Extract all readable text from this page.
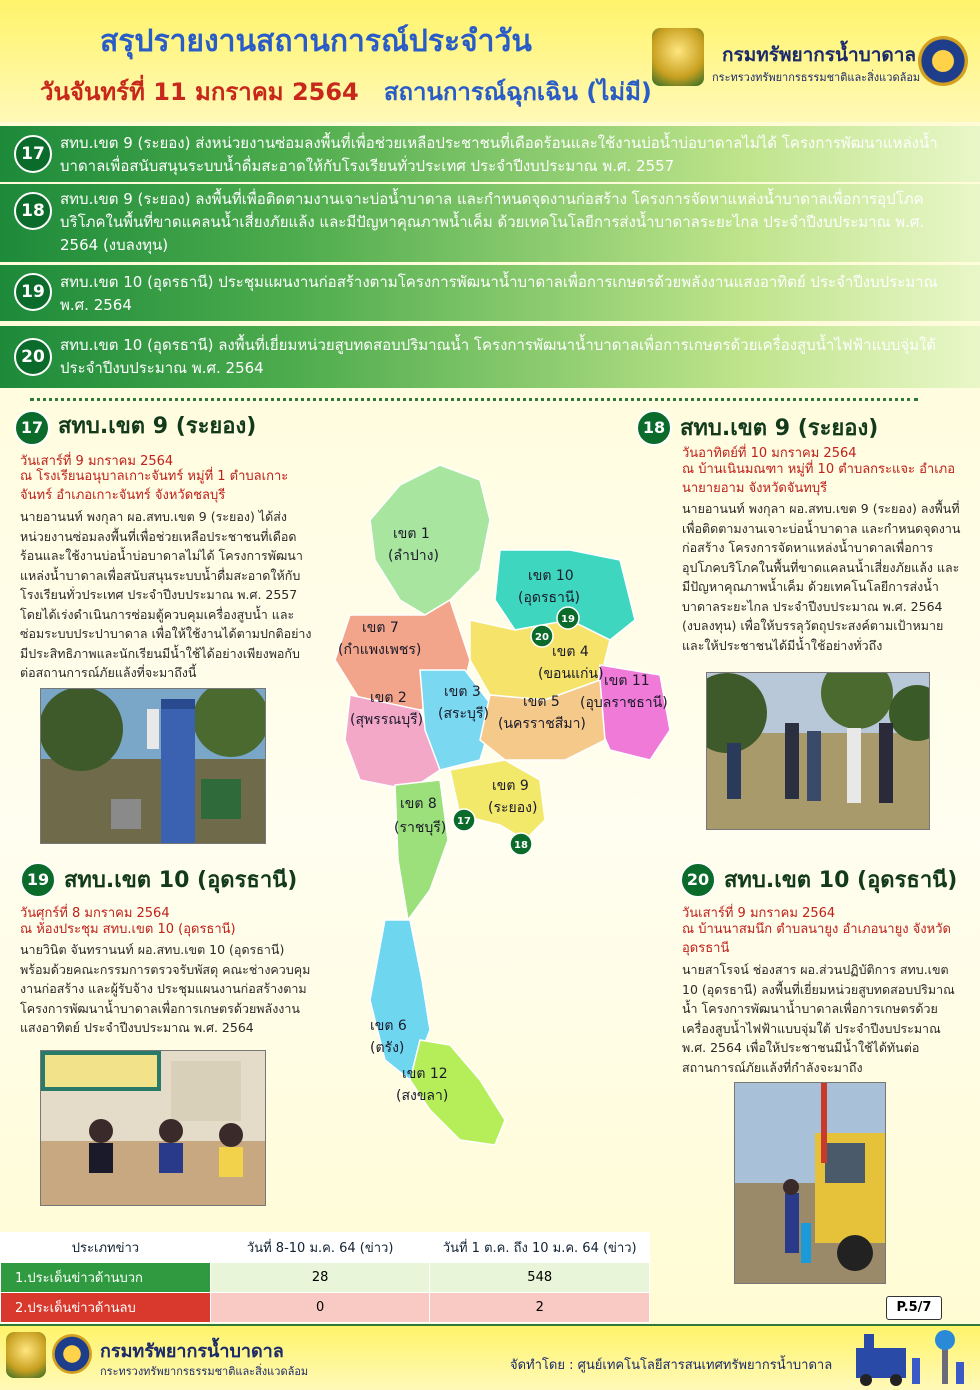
สรุปรายงานสถานการณ์ประจำวัน
วันจันทร์ที่ 11 มกราคม 2564 สถานการณ์ฉุกเฉิน (ไม่มี)
กรมทรัพยากรน้ำบาดาล
กระทรวงทรัพยากรธรรมชาติและสิ่งแวดล้อม
17
สทบ.เขต 9 (ระยอง) ส่งหน่วยงานซ่อมลงพื้นที่เพื่อช่วยเหลือประชาชนที่เดือดร้อนและใช้งานบ่อน้ำบ่อบาดาลไม่ได้ โครงการพัฒนาแหล่งน้ำบาดาลเพื่อสนับสนุนระบบน้ำดื่มสะอาดให้กับโรงเรียนทั่วประเทศ ประจำปีงบประมาณ พ.ศ. 2557
18
สทบ.เขต 9 (ระยอง) ลงพื้นที่เพื่อติดตามงานเจาะบ่อน้ำบาดาล และกำหนดจุดงานก่อสร้าง โครงการจัดหาแหล่งน้ำบาดาลเพื่อการอุปโภคบริโภคในพื้นที่ขาดแคลนน้ำเสี่ยงภัยแล้ง และมีปัญหาคุณภาพน้ำเค็ม ด้วยเทคโนโลยีการส่งน้ำบาดาลระยะไกล ประจำปีงบประมาณ พ.ศ. 2564 (งบลงทุน)
19	สทบ.เขต 10 (อุดรธานี) ประชุมแผนงานก่อสร้างตามโครงการพัฒนาน้ำบาดาลเพื่อการเกษตรด้วยพลังงานแสงอาทิตย์ ประจำปีงบประมาณ พ.ศ. 2564
20
สทบ.เขต 10 (อุดรธานี) ลงพื้นที่เยี่ยมหน่วยสูบทดสอบปริมาณน้ำ โครงการพัฒนาน้ำบาดาลเพื่อการเกษตรด้วยเครื่องสูบน้ำไฟฟ้าแบบจุ่มใต้ ประจำปีงบประมาณ พ.ศ. 2564
17 สทบ.เขต 9 (ระยอง)
วันเสาร์ที่ 9 มกราคม 2564
ณ โรงเรียนอนุบาลเกาะจันทร์ หมู่ที่ 1 ตำบลเกาะจันทร์ อำเภอเกาะจันทร์ จังหวัดชลบุรี
นายอานนท์ พงกุลา ผอ.สทบ.เขต 9 (ระยอง) ได้ส่งหน่วยงานซ่อมลงพื้นที่เพื่อช่วยเหลือประชาชนที่เดือดร้อนและใช้งานบ่อน้ำบ่อบาดาลไม่ได้ โครงการพัฒนาแหล่งน้ำบาดาลเพื่อสนับสนุนระบบน้ำดื่มสะอาดให้กับโรงเรียนทั่วประเทศ ประจำปีงบประมาณ พ.ศ. 2557 โดยได้เร่งดำเนินการซ่อมตู้ควบคุมเครื่องสูบน้ำ และซ่อมระบบประปาบาดาล เพื่อให้ใช้งานได้ตามปกติอย่างมีประสิทธิภาพและนักเรียนมีน้ำใช้ได้อย่างเพียงพอกับต่อสถานการณ์ภัยแล้งที่จะมาถึงนี้
18 สทบ.เขต 9 (ระยอง)
วันอาทิตย์ที่ 10 มกราคม 2564
ณ บ้านเนินมณฑา หมู่ที่ 10 ตำบลกระแจะ อำเภอนายายอาม จังหวัดจันทบุรี
นายอานนท์ พงกุลา ผอ.สทบ.เขต 9 (ระยอง) ลงพื้นที่เพื่อติดตามงานเจาะบ่อน้ำบาดาล และกำหนดจุดงานก่อสร้าง โครงการจัดหาแหล่งน้ำบาดาลเพื่อการอุปโภคบริโภคในพื้นที่ขาดแคลนน้ำเสี่ยงภัยแล้ง และมีปัญหาคุณภาพน้ำเค็ม ด้วยเทคโนโลยีการส่งน้ำบาดาลระยะไกล ประจำปีงบประมาณ พ.ศ. 2564 (งบลงทุน) เพื่อให้บรรลุวัตถุประสงค์ตามเป้าหมาย และให้ประชาชนได้มีน้ำใช้อย่างทั่วถึง
เขต 1
(ลำปาง)
เขต 7
(กำแพงเพชร)
เขต 10
(อุดรธานี)
เขต 4
(ขอนแก่น) เขต 11
(อุบลราชธานี)
เขต 2
(สุพรรณบุรี)
เขต 3
(สระบุรี)
เขต 5
(นครราชสีมา)
เขต 9
(ระยอง)
เขต 8
(ราชบุรี)
เขต 6
(ตรัง)
เขต 12
(สงขลา)
17
18
19
20
19 สทบ.เขต 10 (อุดรธานี)
วันศุกร์ที่ 8 มกราคม 2564
ณ ห้องประชุม สทบ.เขต 10 (อุดรธานี)
นายวินิต จันทรานนท์ ผอ.สทบ.เขต 10 (อุดรธานี) พร้อมด้วยคณะกรรมการตรวจรับพัสดุ คณะช่างควบคุมงานก่อสร้าง และผู้รับจ้าง ประชุมแผนงานก่อสร้างตามโครงการพัฒนาน้ำบาดาลเพื่อการเกษตรด้วยพลังงานแสงอาทิตย์ ประจำปีงบประมาณ พ.ศ. 2564
20 สทบ.เขต 10 (อุดรธานี)
วันเสาร์ที่ 9 มกราคม 2564
ณ บ้านนาสมนึก ตำบลนายูง อำเภอนายูง จังหวัดอุดรธานี
นายสาโรจน์ ช่องสาร ผอ.ส่วนปฏิบัติการ สทบ.เขต 10 (อุดรธานี) ลงพื้นที่เยี่ยมหน่วยสูบทดสอบปริมาณน้ำ โครงการพัฒนาน้ำบาดาลเพื่อการเกษตรด้วยเครื่องสูบน้ำไฟฟ้าแบบจุ่มใต้ ประจำปีงบประมาณ พ.ศ. 2564 เพื่อให้ประชาชนมีน้ำใช้ได้ทันต่อสถานการณ์ภัยแล้งที่กำลังจะมาถึง
ประเภทข่าว	วันที่ 8-10 ม.ค. 64 (ข่าว)	วันที่ 1 ต.ค. ถึง 10 ม.ค. 64 (ข่าว)
1.ประเด็นข่าวด้านบวก	28	548
2.ประเด็นข่าวด้านลบ	0	2	P.5/7
กรมทรัพยากรน้ำบาดาล
กระทรวงทรัพยากรธรรมชาติและสิ่งแวดล้อม	จัดทำโดย : ศูนย์เทคโนโลยีสารสนเทศทรัพยากรน้ำบาดาล
